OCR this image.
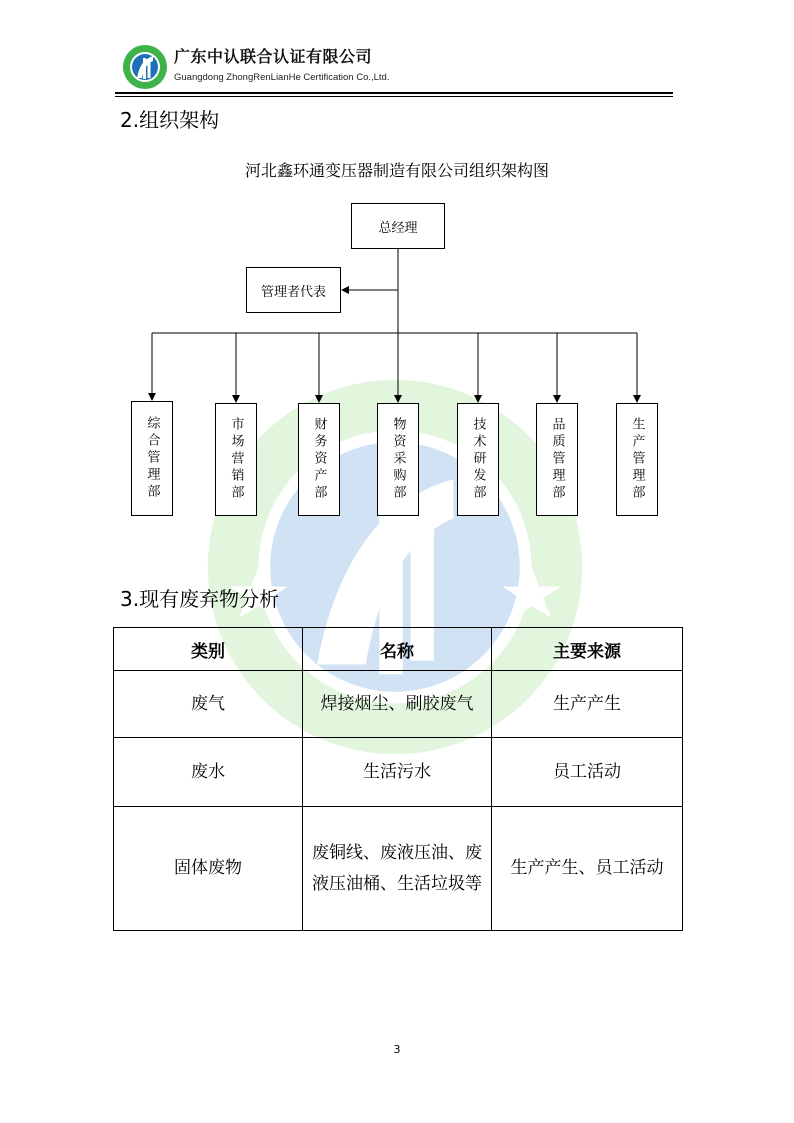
广东中认联合认证有限公司
Guangdong ZhongRenLianHe Certification Co.,Ltd.
2.组织架构
河北鑫环通变压器制造有限公司组织架构图
总经理
管理者代表
综合管理部	市场营销部	财务资产部	物资采购部	技术研发部	品质管理部	生产管理部
3.现有废弃物分析
类别	名称	主要来源
废气	焊接烟尘、刷胶废气	生产产生
废水	生活污水	员工活动
固体废物	废铜线、废液压油、废液压油桶、生活垃圾等	生产产生、员工活动
3
